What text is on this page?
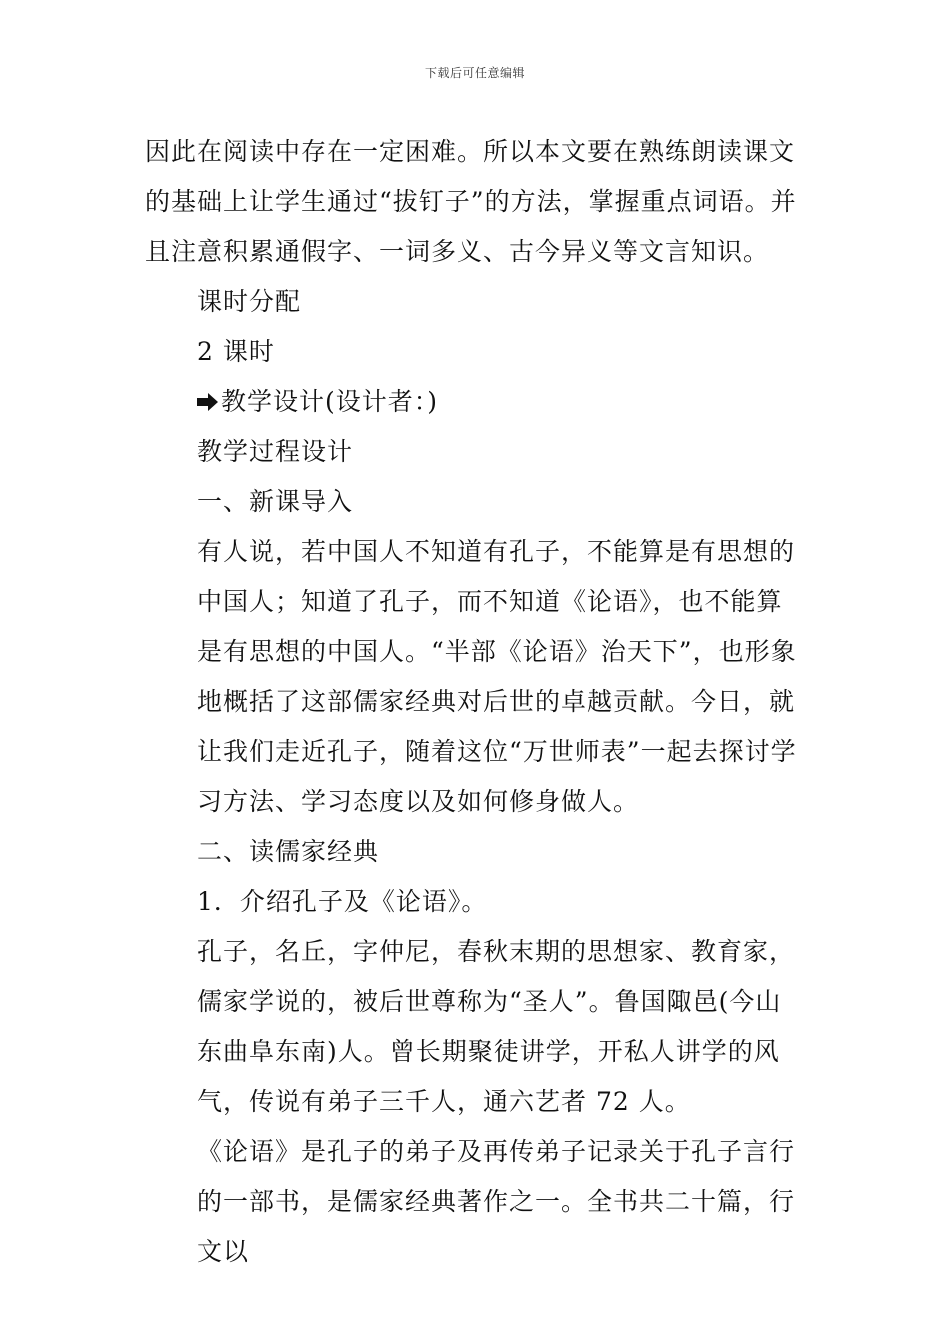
下载后可任意编辑

因此在阅读中存在一定困难。所以本文要在熟练朗读课文的基础上让学生通过“拔钉子”的方法，掌握重点词语。并且注意积累通假字、一词多义、古今异义等文言知识。

课时分配

2 课时

教学设计(设计者：)

教学过程设计

一、新课导入

有人说，若中国人不知道有孔子，不能算是有思想的中国人；知道了孔子，而不知道《论语》，也不能算是有思想的中国人。“半部《论语》治天下”，也形象地概括了这部儒家经典对后世的卓越贡献。今日，就让我们走近孔子，随着这位“万世师表”一起去探讨学习方法、学习态度以及如何修身做人。

二、读儒家经典

1．介绍孔子及《论语》。

孔子，名丘，字仲尼，春秋末期的思想家、教育家，儒家学说的，被后世尊称为“圣人”。鲁国陬邑(今山东曲阜东南)人。曾长期聚徒讲学，开私人讲学的风气，传说有弟子三千人，通六艺者 72 人。

《论语》是孔子的弟子及再传弟子记录关于孔子言行的一部书，是儒家经典著作之一。全书共二十篇，行文以
